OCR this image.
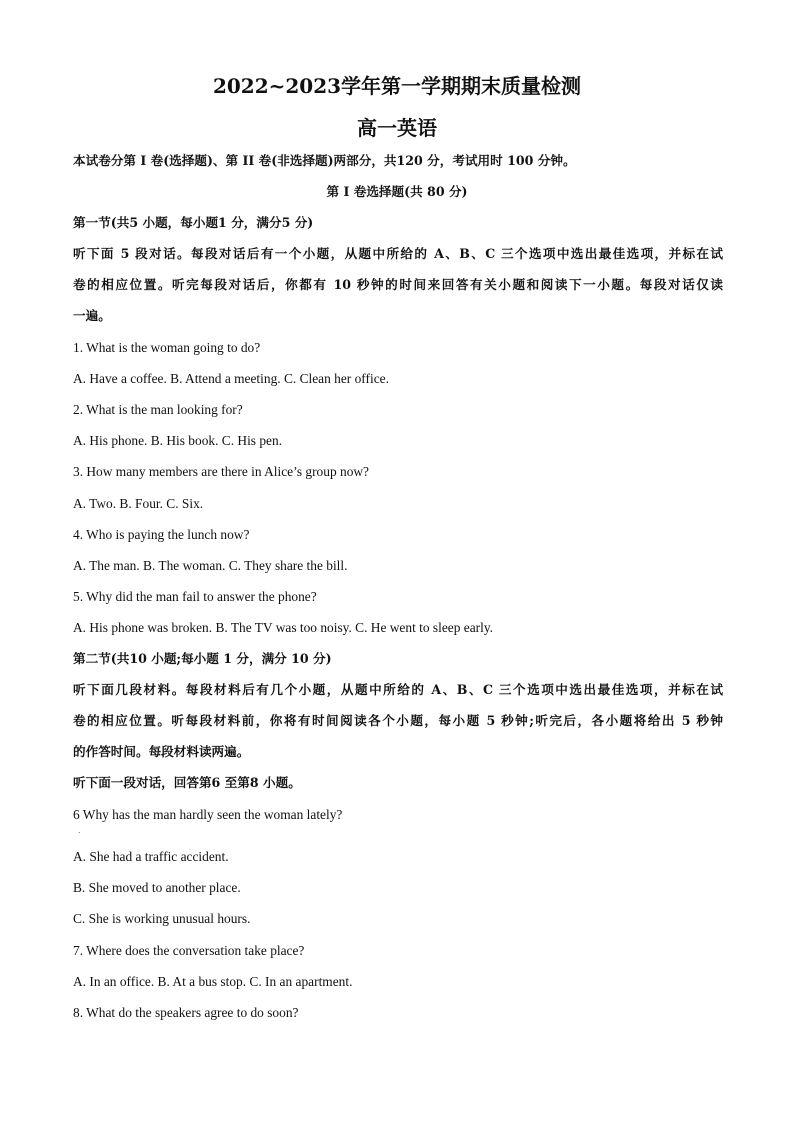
2022~2023学年第一学期期末质量检测
高一英语
本试卷分第 I 卷(选择题)、第 II 卷(非选择题)两部分，共120 分，考试用时 100 分钟。
第 I 卷选择题(共 80 分)
第一节(共5 小题，每小题1 分，满分5 分)
听下面 5 段对话。每段对话后有一个小题，从题中所给的 A、B、C 三个选项中选出最佳选项，并标在试
卷的相应位置。听完每段对话后，你都有 10 秒钟的时间来回答有关小题和阅读下一小题。每段对话仅读
一遍。
1. What is the woman going to do?
A. Have a coffee. B. Attend a meeting. C. Clean her office.
2. What is the man looking for?
A. His phone. B. His book. C. His pen.
3. How many members are there in Alice’s group now?
A. Two. B. Four. C. Six.
4. Who is paying the lunch now?
A. The man. B. The woman. C. They share the bill.
5. Why did the man fail to answer the phone?
A. His phone was broken. B. The TV was too noisy. C. He went to sleep early.
第二节(共10 小题;每小题 1 分，满分 10 分)
听下面几段材料。每段材料后有几个小题，从题中所给的 A、B、C 三个选项中选出最佳选项，并标在试
卷的相应位置。听每段材料前，你将有时间阅读各个小题，每小题 5 秒钟;听完后，各小题将给出 5 秒钟
的作答时间。每段材料读两遍。
听下面一段对话，回答第6 至第8 小题。
6 Why has the man hardly seen the woman lately?
.
A. She had a traffic accident.
B. She moved to another place.
C. She is working unusual hours.
7. Where does the conversation take place?
A. In an office. B. At a bus stop. C. In an apartment.
8. What do the speakers agree to do soon?
